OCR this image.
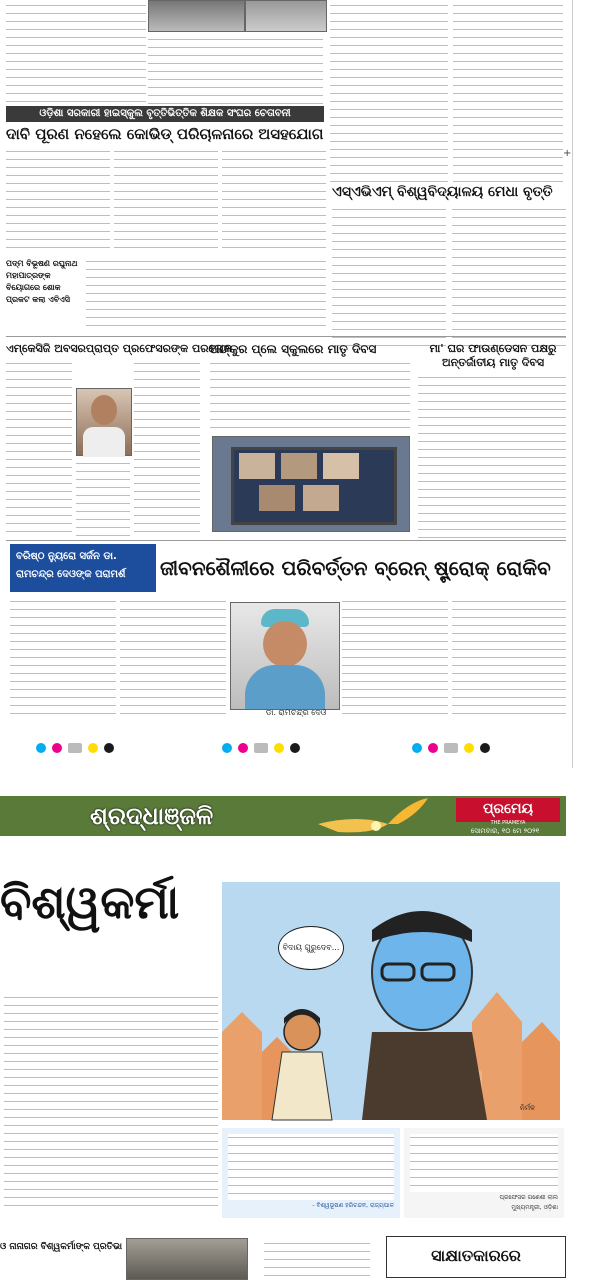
ଓଡ଼ିଶା ସରକାରୀ ହାଇସ୍କୁଲ ବୃତ୍ତିଭିତ୍ତିକ ଶିକ୍ଷକ ସଂଘର ଚେତାବନୀ
ଦାବି ପୂରଣ ନହେଲେ କୋଭିଡ୍ ପରିଚାଳନାରେ ଅସହଯୋଗ
+
ଏସ୍ଏଭିଏମ୍ ବିଶ୍ୱବିଦ୍ୟାଳୟ ମେଧା ବୃତ୍ତି
ପଦ୍ମ ବିଭୂଷଣ ରଘୁନାଥ ମହାପାତ୍ରଙ୍କ ବିୟୋଗରେ ଶୋକ ପ୍ରକଟ କଲା ଏବିଏସି
ଏମ୍‌କେସିଜି ଅବସରପ୍ରାପ୍ତ ପ୍ରଫେସରଙ୍କ ପରଲୋକ
ଅଙ୍କୁର ପ୍ଲେ ସ୍କୁଲରେ ମାତୃ ଦିବସ	ମା' ଘର ଫାଉଣ୍ଡେସନ ପକ୍ଷରୁ ଅନ୍ତର୍ଜାତୀୟ ମାତୃ ଦିବସ
ବରିଷ୍ଠ ନ୍ୟୁରୋ ସର୍ଜନ ଡା.
ରାମଚନ୍ଦ୍ର ଦେଓଙ୍କ ପରାମର୍ଶ	ଜୀବନଶୈଳୀରେ ପରିବର୍ତ୍ତନ ବ୍ରେନ୍ ଷ୍ଟ୍ରୋକ୍ ରୋକିବ
ଡା. ରାମଚନ୍ଦ୍ର ଦେଓ
ଶ୍ରଦ୍ଧାଞ୍ଜଳି	ପ୍ରମେୟ
THE PRAMEYA
ସୋମବାର, ୧୦ ମେ ୨୦୨୧
ବିଶ୍ୱକର୍ମା
ବିଦାୟ ଗୁରୁଦେବ...
ନିର୍ମଳ
- ବିଶ୍ୱଭୂଷଣ ହରିଚନ୍ଦନ, ରାଜ୍ୟପାଳ
ପ୍ରଫେସର ଗଣେଶୀ ଲାଲ
ମୁଖ୍ୟମନ୍ତ୍ରୀ, ଓଡ଼ିଶା
ଓ ନାନାଗର ବିଶ୍ୱକର୍ମାଙ୍କ ପ୍ରତିଭା	ସାକ୍ଷାତକାରରେ
